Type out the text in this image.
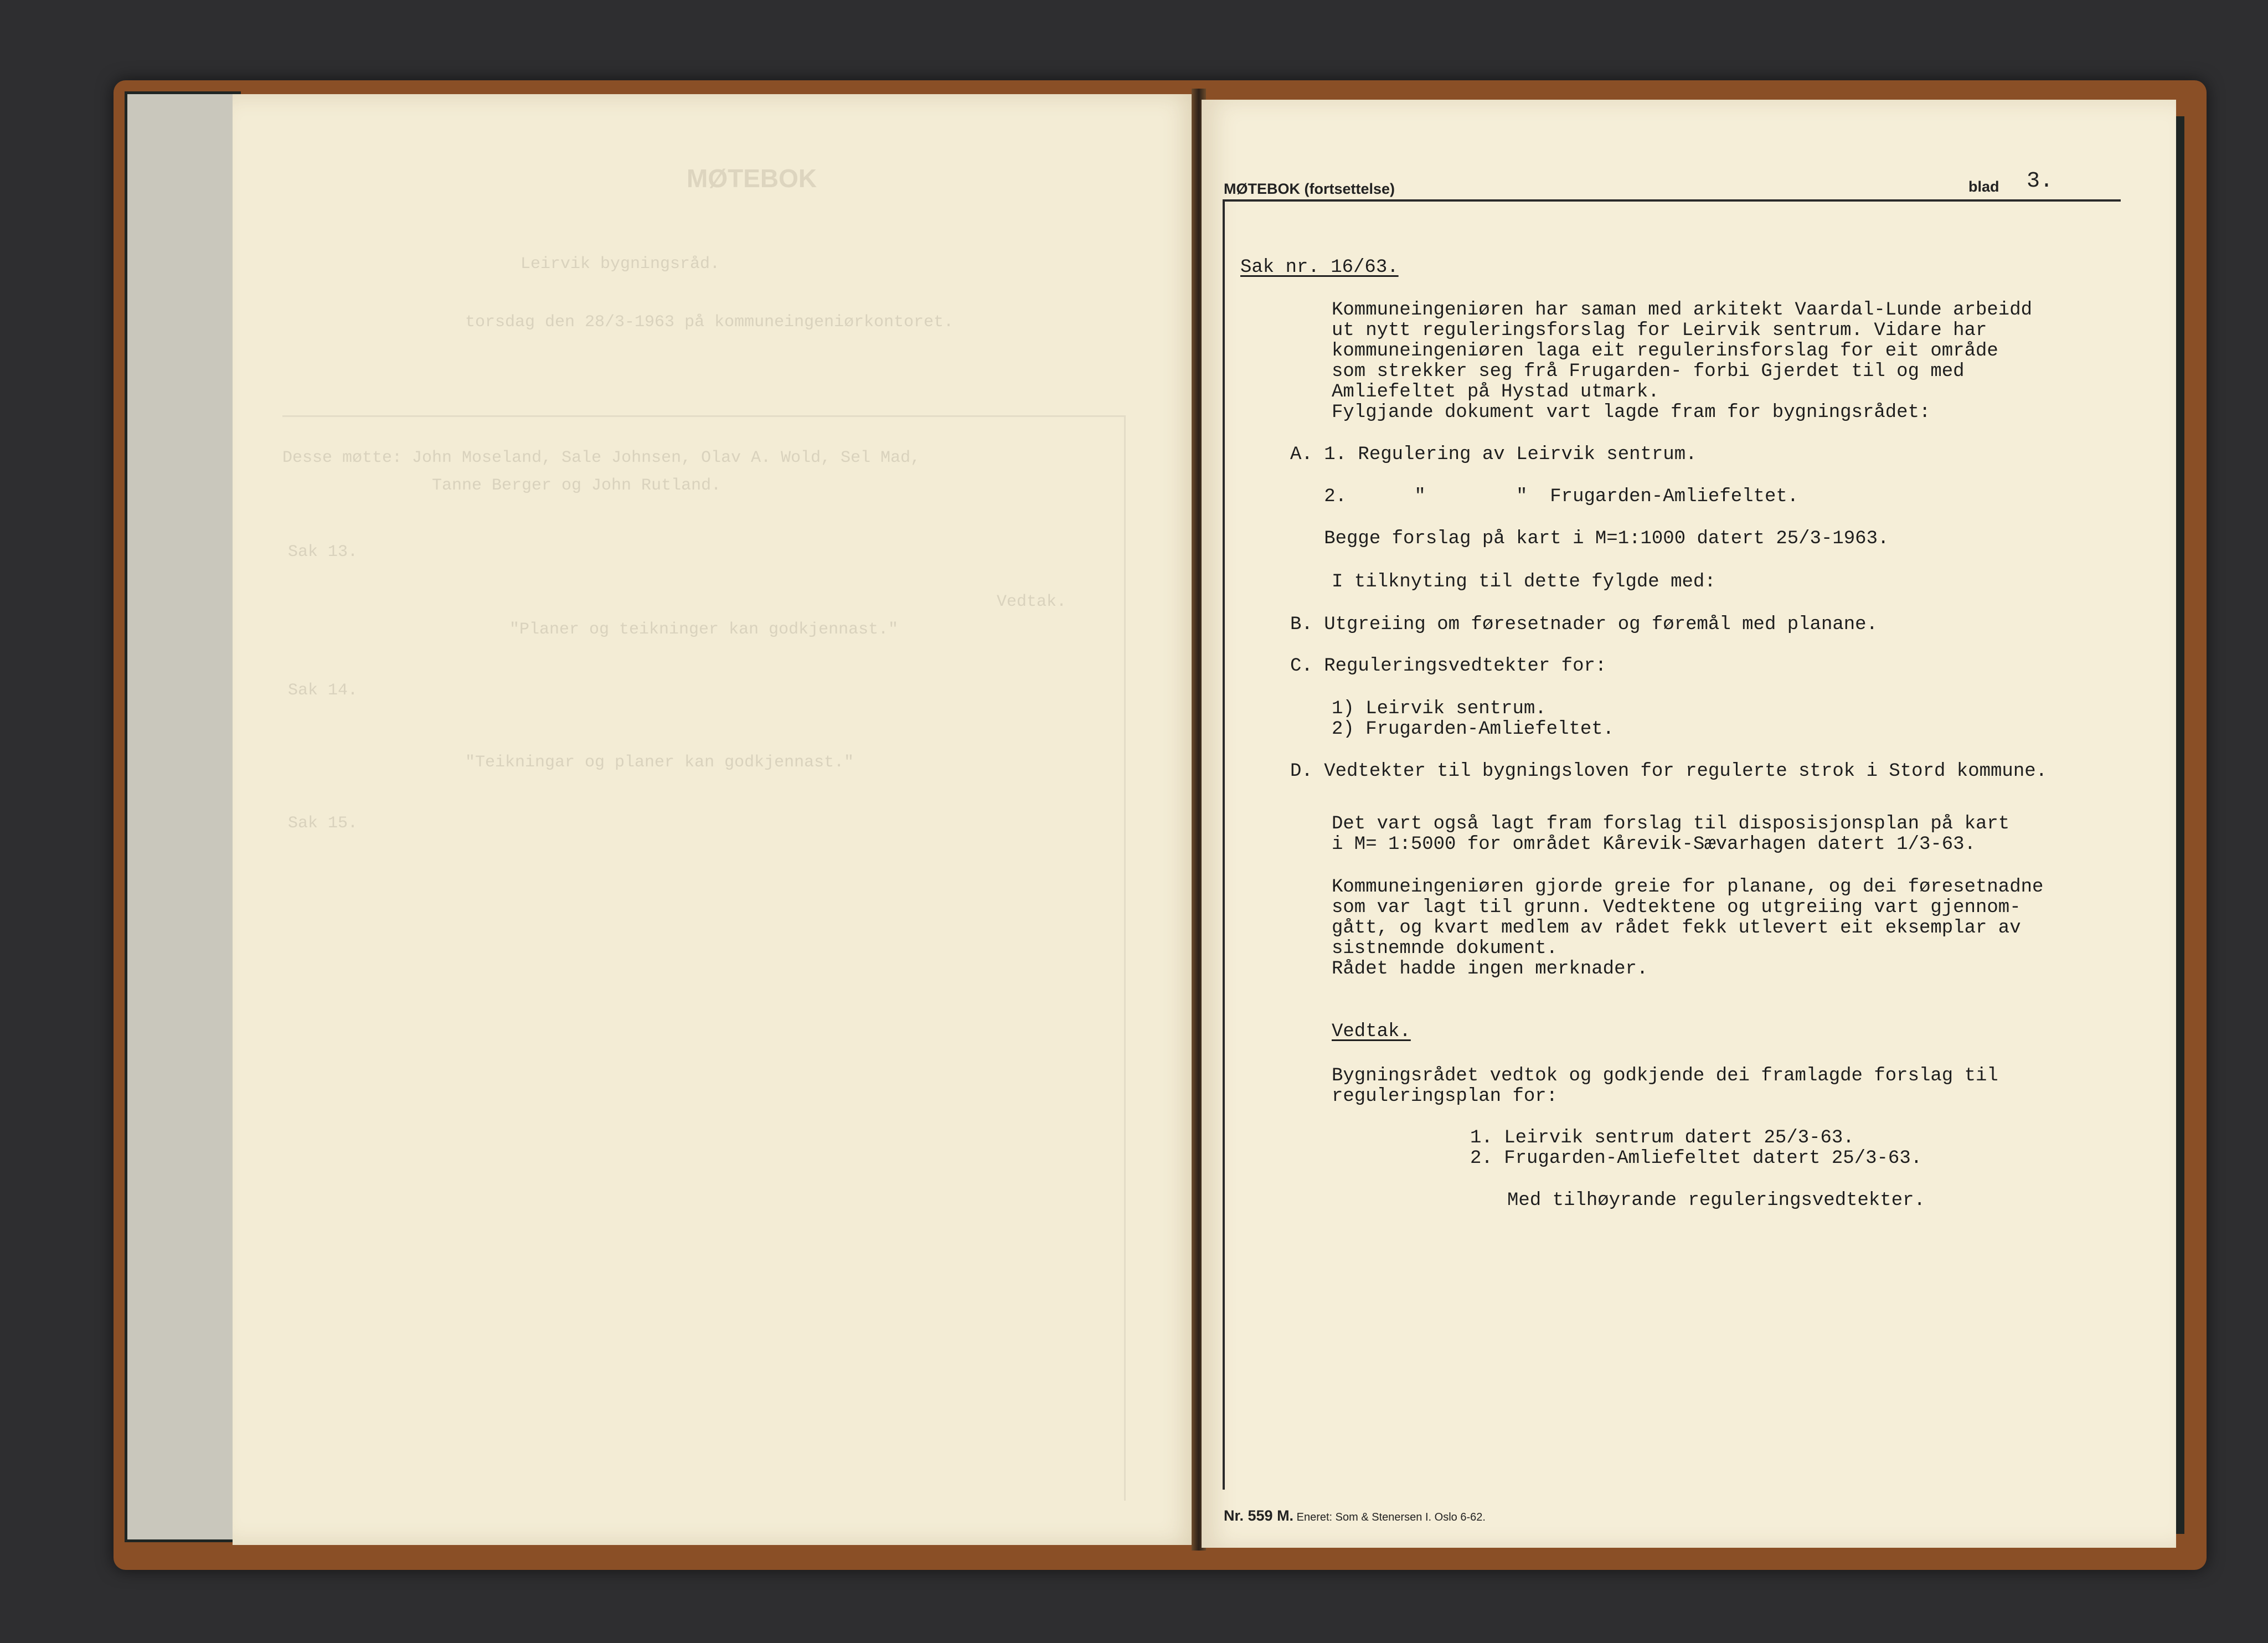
MØTEBOK
Leirvik bygningsråd.
torsdag den 28/3-1963 på kommuneingeniørkontoret.
Desse møtte: John Moseland, Sale Johnsen, Olav A. Wold, Sel Mad,
Tanne Berger og John Rutland.
Sak 13.
Vedtak.
"Planer og teikninger kan godkjennast."
Sak 14.
"Teikningar og planer kan godkjennast."
Sak 15.
MØTEBOK (fortsettelse)	blad 3.
Sak nr. 16/63.
Kommuneingeniøren har saman med arkitekt Vaardal-Lunde arbeidd
ut nytt reguleringsforslag for Leirvik sentrum. Vidare har
kommuneingeniøren laga eit regulerinsforslag for eit område
som strekker seg frå Frugarden- forbi Gjerdet til og med
Amliefeltet på Hystad utmark.
Fylgjande dokument vart lagde fram for bygningsrådet:
A. 1. Regulering av Leirvik sentrum.
2.      "        "  Frugarden-Amliefeltet.
Begge forslag på kart i M=1:1000 datert 25/3-1963.
I tilknyting til dette fylgde med:
B. Utgreiing om føresetnader og føremål med planane.
C. Reguleringsvedtekter for:
1) Leirvik sentrum.
2) Frugarden-Amliefeltet.
D. Vedtekter til bygningsloven for regulerte strok i Stord kommune.
Det vart også lagt fram forslag til disposisjonsplan på kart
i M= 1:5000 for området Kårevik-Sævarhagen datert 1/3-63.
Kommuneingeniøren gjorde greie for planane, og dei føresetnadne
som var lagt til grunn. Vedtektene og utgreiing vart gjennom-
gått, og kvart medlem av rådet fekk utlevert eit eksemplar av
sistnemnde dokument.
Rådet hadde ingen merknader.
Vedtak.
Bygningsrådet vedtok og godkjende dei framlagde forslag til
reguleringsplan for:
1. Leirvik sentrum datert 25/3-63.
2. Frugarden-Amliefeltet datert 25/3-63.
Med tilhøyrande reguleringsvedtekter.
Nr. 559 M. Eneret: Som & Stenersen I. Oslo 6-62.
